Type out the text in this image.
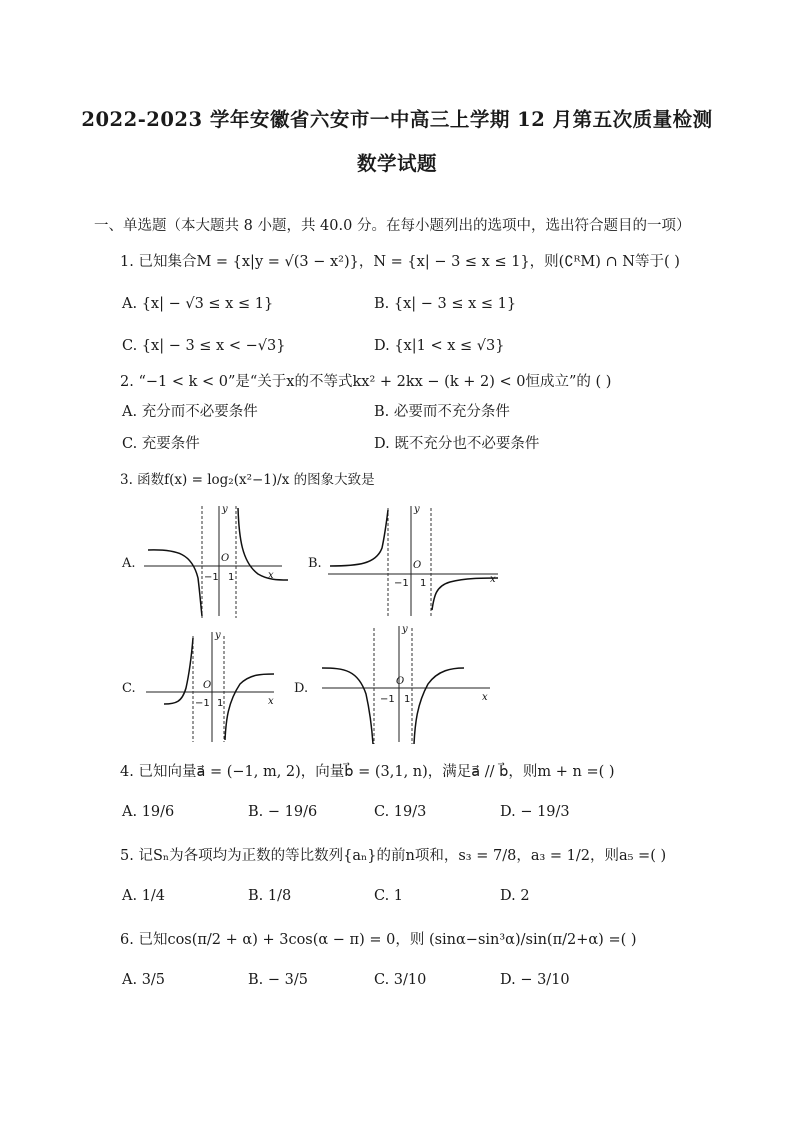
2022-2023 学年安徽省六安市一中高三上学期 12 月第五次质量检测
数学试题
一、单选题（本大题共 8 小题，共 40.0 分。在每小题列出的选项中，选出符合题目的一项）
1. 已知集合M = {x|y = √(3 − x²)}，N = {x| − 3 ≤ x ≤ 1}，则(∁ᴿM) ∩ N等于( )
A. {x| − √3 ≤ x ≤ 1}	B. {x| − 3 ≤ x ≤ 1}
C. {x| − 3 ≤ x < −√3}	D. {x|1 < x ≤ √3}
2. “−1 < k < 0”是“关于x的不等式kx² + 2kx − (k + 2) < 0恒成立”的 ( )
A. 充分而不必要条件	B. 必要而不充分条件
C. 充要条件	D. 既不充分也不必要条件
3. 函数f(x) = log₂(x²−1)/x 的图象大致是
A.
y
x
O
−1 1
B.
y
x
O
−1 1
C.
y
x
O
−1 1
D.
y
x
O
−1 1
4. 已知向量a⃗ = (−1, m, 2)，向量b⃗ = (3,1, n)，满足a⃗ // b⃗，则m + n =( )
A. 19/6	B. − 19/6	C. 19/3	D. − 19/3
5. 记Sₙ为各项均为正数的等比数列{aₙ}的前n项和，s₃ = 7/8，a₃ = 1/2，则a₅ =( )
A. 1/4	B. 1/8	C. 1	D. 2
6. 已知cos(π/2 + α) + 3cos(α − π) = 0，则 (sinα−sin³α)/sin(π/2+α) =( )
A. 3/5	B. − 3/5	C. 3/10	D. − 3/10
